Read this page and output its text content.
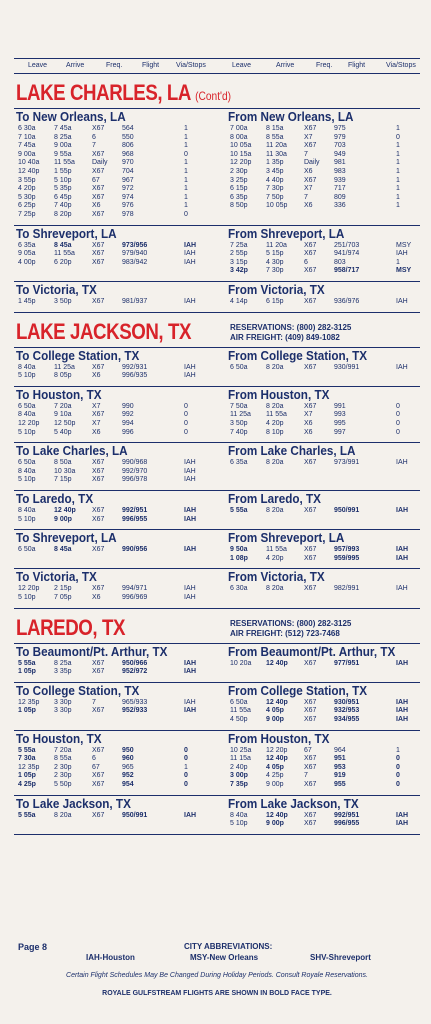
Leave	Arrive	Freq.	Flight Via/Stops	Leave	Arrive	Freq. Flight	Via/Stops
LAKE CHARLES, LA (Cont'd)
To New Orleans, LA
6 30a	7 45a	X67	564	1
7 10a	8 25a	6	550	1
7 45a	9 00a	7	806	1
9 00a	9 55a	X67	968	0
10 40a 11 55a Daily 970	1
12 40p 1 55p	X67	704	1
3 55p	5 10p	67	967	1
4 20p	5 35p	X67	972	1
5 30p	6 45p	X67	974	1
6 25p	7 40p	X6	976	1
7 25p	8 20p	X67	978	0
From New Orleans, LA
7 00a	8 15a	X67	975	1
8 00a	8 55a	X7	979	0
10 05a 11 20a X67	703	1
10 15a 11 30a 7	949	1
12 20p 1 35p	Daily 981	1
2 30p	3 45p	X6	983	1
3 25p	4 40p	X67	939	1
6 15p	7 30p	X7	717	1
6 35p	7 50p	7	809	1
8 50p	10 05p X6	336	1
To Shreveport, LA
6 35a	8 45a	X67	973/956	IAH
9 05a	11 55a X67	979/940	IAH
4 00p	6 20p	X67	983/942	IAH
From Shreveport, LA
7 25a	11 20a X67	251/703	MSY
2 55p	5 15p	X67	941/974	IAH
3 15p	4 30p	6	803	1
3 42p	7 30p	X67	958/717	MSY
To Victoria, TX
1 45p	3 50p	X67	981/937	IAH
From Victoria, TX
4 14p	6 15p	X67	936/976	IAH
LAKE JACKSON, TX	RESERVATIONS: (800) 282-3125
AIR FREIGHT: (409) 849-1082
To College Station, TX
8 40a	11 25a X67	992/931	IAH
5 10p	8 05p	X6	996/935	IAH
From College Station, TX
6 50a	8 20a	X67	930/991	IAH
To Houston, TX
6 50a	7 20a	X7	990	0
8 40a	9 10a	X67	992	0
12 20p 12 50p X7	994	0
5 10p	5 40p	X6	996	0
From Houston, TX
7 50a	8 20a	X67	991	0
11 25a 11 55a X7	993	0
3 50p	4 20p	X6	995	0
7 40p	8 10p	X6	997	0
To Lake Charles, LA
6 50a	8 50a	X67	990/968	IAH
8 40a	10 30a X67	992/970	IAH
5 10p	7 15p	X67	996/978	IAH
From Lake Charles, LA
6 35a	8 20a	X67	973/991	IAH
To Laredo, TX
8 40a	12 40p X67	992/951	IAH
5 10p	9 00p	X67	996/955	IAH
From Laredo, TX
5 55a	8 20a	X67	950/991	IAH
To Shreveport, LA
6 50a	8 45a	X67	990/956	IAH
From Shreveport, LA
9 50a	11 55a X67	957/993	IAH
1 08p	4 20p	X67	959/995	IAH
To Victoria, TX
12 20p 2 15p	X67	994/971	IAH
5 10p	7 05p	X6	996/969	IAH
From Victoria, TX
6 30a	8 20a	X67	982/991	IAH
LAREDO, TX	RESERVATIONS: (800) 282-3125
AIR FREIGHT: (512) 723-7468
To Beaumont/Pt. Arthur, TX
5 55a	8 25a	X67	950/966	IAH
1 05p	3 35p	X67	952/972	IAH
From Beaumont/Pt. Arthur, TX
10 20a 12 40p X67	977/951	IAH
To College Station, TX
12 35p 3 30p	7	965/933	IAH
1 05p	3 30p	X67	952/933	IAH
From College Station, TX
6 50a	12 40p X67	930/951	IAH
11 55a 4 05p	X67	932/953	IAH
4 50p	9 00p	X67	934/955	IAH
To Houston, TX
5 55a	7 20a	X67	950	0
7 30a	8 55a	6	960	0
12 35p 2 30p	67	965	1
1 05p	2 30p	X67	952	0
4 25p	5 50p	X67	954	0
From Houston, TX
10 25a 12 20p 67	964	1
11 15a 12 40p X67	951	0
2 40p	4 05p	X67	953	0
3 00p	4 25p	7	919	0
7 35p	9 00p	X67	955	0
To Lake Jackson, TX
5 55a	8 20a	X67	950/991	IAH
From Lake Jackson, TX
8 40a	12 40p X67	992/951	IAH
5 10p	9 00p	X67	996/955	IAH
Page 8	CITY ABBREVIATIONS:
IAH-Houston	MSY-New Orleans	SHV-Shreveport
Certain Flight Schedules May Be Changed During Holiday Periods. Consult Royale Reservations.
ROYALE GULFSTREAM FLIGHTS ARE SHOWN IN BOLD FACE TYPE.
